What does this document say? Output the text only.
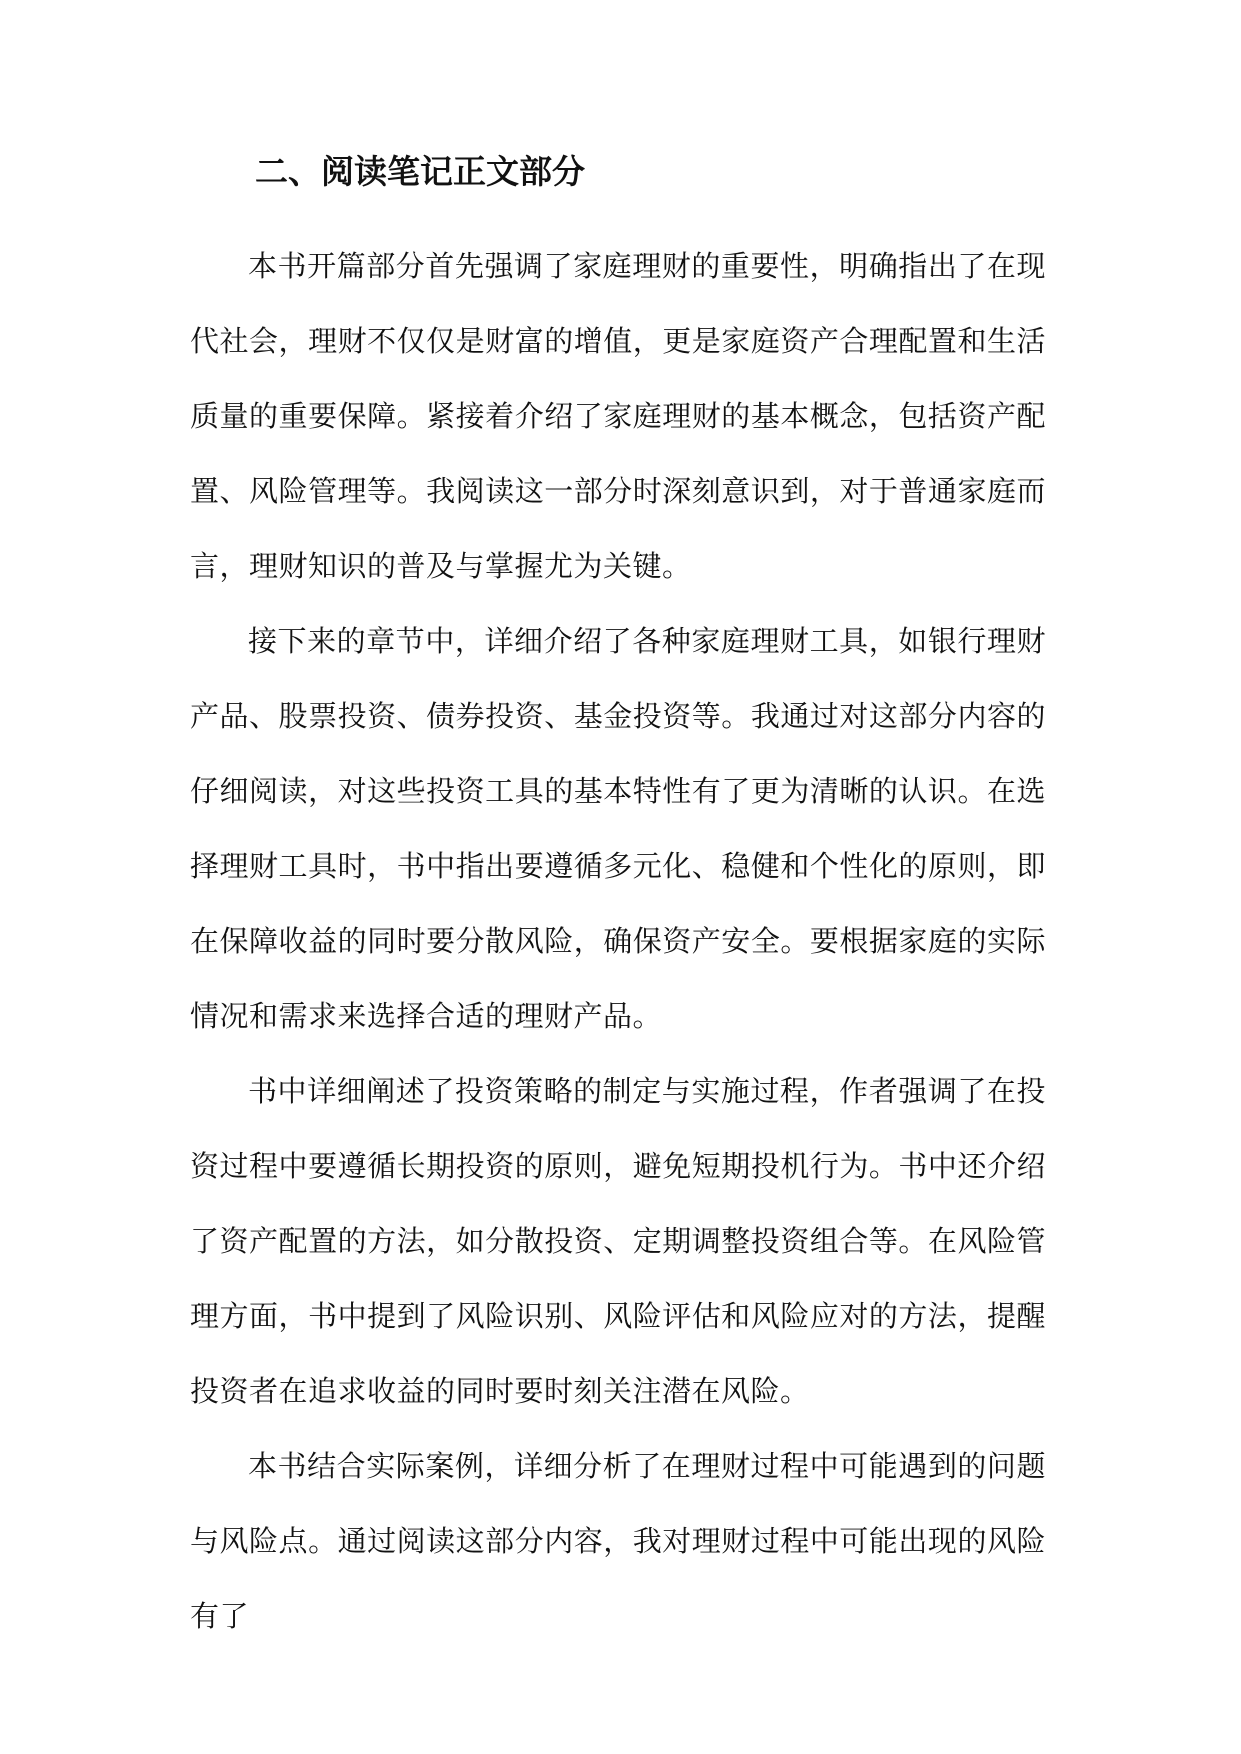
二、阅读笔记正文部分

本书开篇部分首先强调了家庭理财的重要性，明确指出了在现代社会，理财不仅仅是财富的增值，更是家庭资产合理配置和生活质量的重要保障。紧接着介绍了家庭理财的基本概念，包括资产配置、风险管理等。我阅读这一部分时深刻意识到，对于普通家庭而言，理财知识的普及与掌握尤为关键。

接下来的章节中，详细介绍了各种家庭理财工具，如银行理财产品、股票投资、债券投资、基金投资等。我通过对这部分内容的仔细阅读，对这些投资工具的基本特性有了更为清晰的认识。在选择理财工具时，书中指出要遵循多元化、稳健和个性化的原则，即在保障收益的同时要分散风险，确保资产安全。要根据家庭的实际情况和需求来选择合适的理财产品。

书中详细阐述了投资策略的制定与实施过程，作者强调了在投资过程中要遵循长期投资的原则，避免短期投机行为。书中还介绍了资产配置的方法，如分散投资、定期调整投资组合等。在风险管理方面，书中提到了风险识别、风险评估和风险应对的方法，提醒投资者在追求收益的同时要时刻关注潜在风险。

本书结合实际案例，详细分析了在理财过程中可能遇到的问题与风险点。通过阅读这部分内容，我对理财过程中可能出现的风险有了
